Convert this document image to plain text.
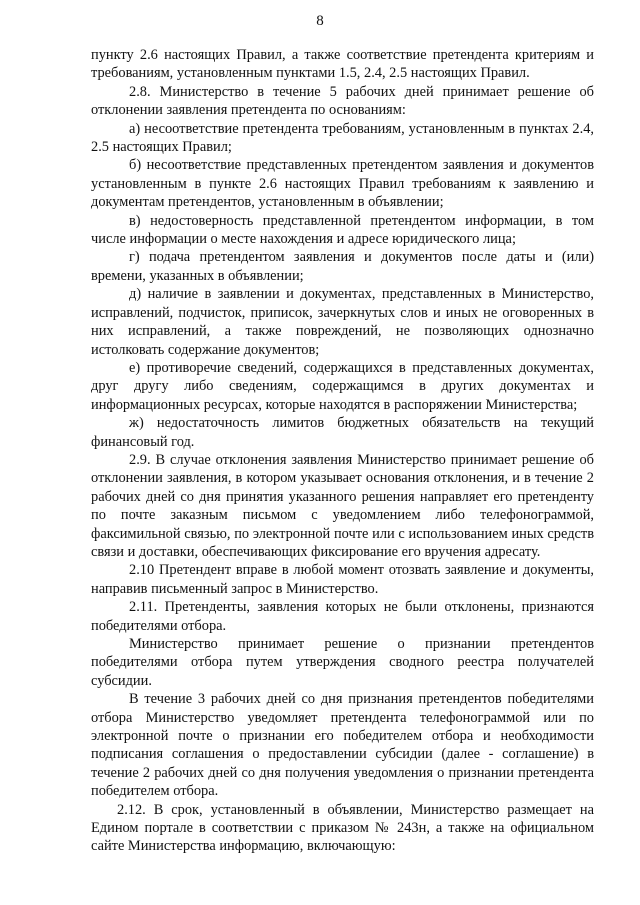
8

пункту 2.6 настоящих Правил, а также соответствие претендента критериям и требованиям, установленным пунктами 1.5, 2.4, 2.5 настоящих Правил.

2.8. Министерство в течение 5 рабочих дней принимает решение об отклонении заявления претендента по основаниям:

а) несоответствие претендента требованиям, установленным в пунктах 2.4, 2.5 настоящих Правил;

б) несоответствие представленных претендентом заявления и документов установленным в пункте 2.6 настоящих Правил требованиям к заявлению и документам претендентов, установленным в объявлении;

в) недостоверность представленной претендентом информации, в том числе информации о месте нахождения и адресе юридического лица;

г) подача претендентом заявления и документов после даты и (или) времени, указанных в объявлении;

д) наличие в заявлении и документах, представленных в Министерство, исправлений, подчисток, приписок, зачеркнутых слов и иных не оговоренных в них исправлений, а также повреждений, не позволяющих однозначно истолковать содержание документов;

е) противоречие сведений, содержащихся в представленных документах, друг другу либо сведениям, содержащимся в других документах и информационных ресурсах, которые находятся в распоряжении Министерства;

ж) недостаточность лимитов бюджетных обязательств на текущий финансовый год.

2.9. В случае отклонения заявления Министерство принимает решение об отклонении заявления, в котором указывает основания отклонения, и в течение 2 рабочих дней со дня принятия указанного решения направляет его претенденту по почте заказным письмом с уведомлением либо телефонограммой, факсимильной связью, по электронной почте или с использованием иных средств связи и доставки, обеспечивающих фиксирование его вручения адресату.

2.10 Претендент вправе в любой момент отозвать заявление и документы, направив письменный запрос в Министерство.

2.11. Претенденты, заявления которых не были отклонены, признаются победителями отбора.

Министерство принимает решение о признании претендентов победителями отбора путем утверждения сводного реестра получателей субсидии.

В течение 3 рабочих дней со дня признания претендентов победителями отбора Министерство уведомляет претендента телефонограммой или по электронной почте о признании его победителем отбора и необходимости подписания соглашения о предоставлении субсидии (далее - соглашение) в течение 2 рабочих дней со дня получения уведомления о признании претендента победителем отбора.

2.12. В срок, установленный в объявлении, Министерство размещает на Едином портале в соответствии с приказом № 243н, а также на официальном сайте Министерства информацию, включающую:
